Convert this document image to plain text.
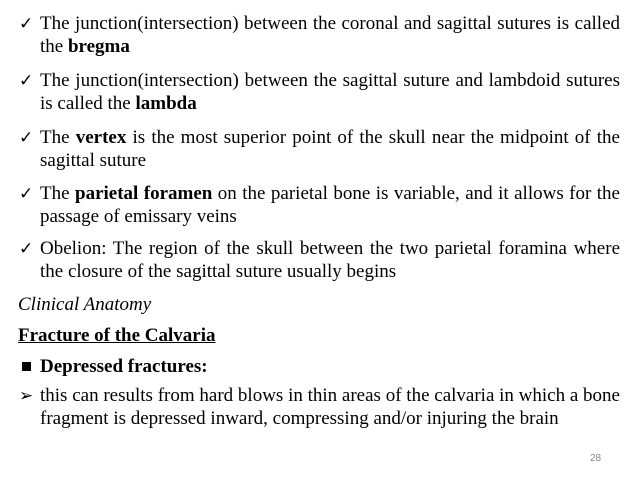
✓ The junction(intersection) between the coronal and sagittal sutures is called the bregma
✓ The junction(intersection) between the sagittal suture and lambdoid sutures is called the lambda
✓ The vertex is the most superior point of the skull near the midpoint of the sagittal suture
✓ The parietal foramen on the parietal bone is variable, and it allows for the passage of emissary veins
✓ Obelion: The region of the skull between the two parietal foramina where the closure of the sagittal suture usually begins
Clinical Anatomy
Fracture of the Calvaria
Depressed fractures:
➢ this can results from hard blows in thin areas of the calvaria in which a bone fragment is depressed inward, compressing and/or injuring the brain
28
